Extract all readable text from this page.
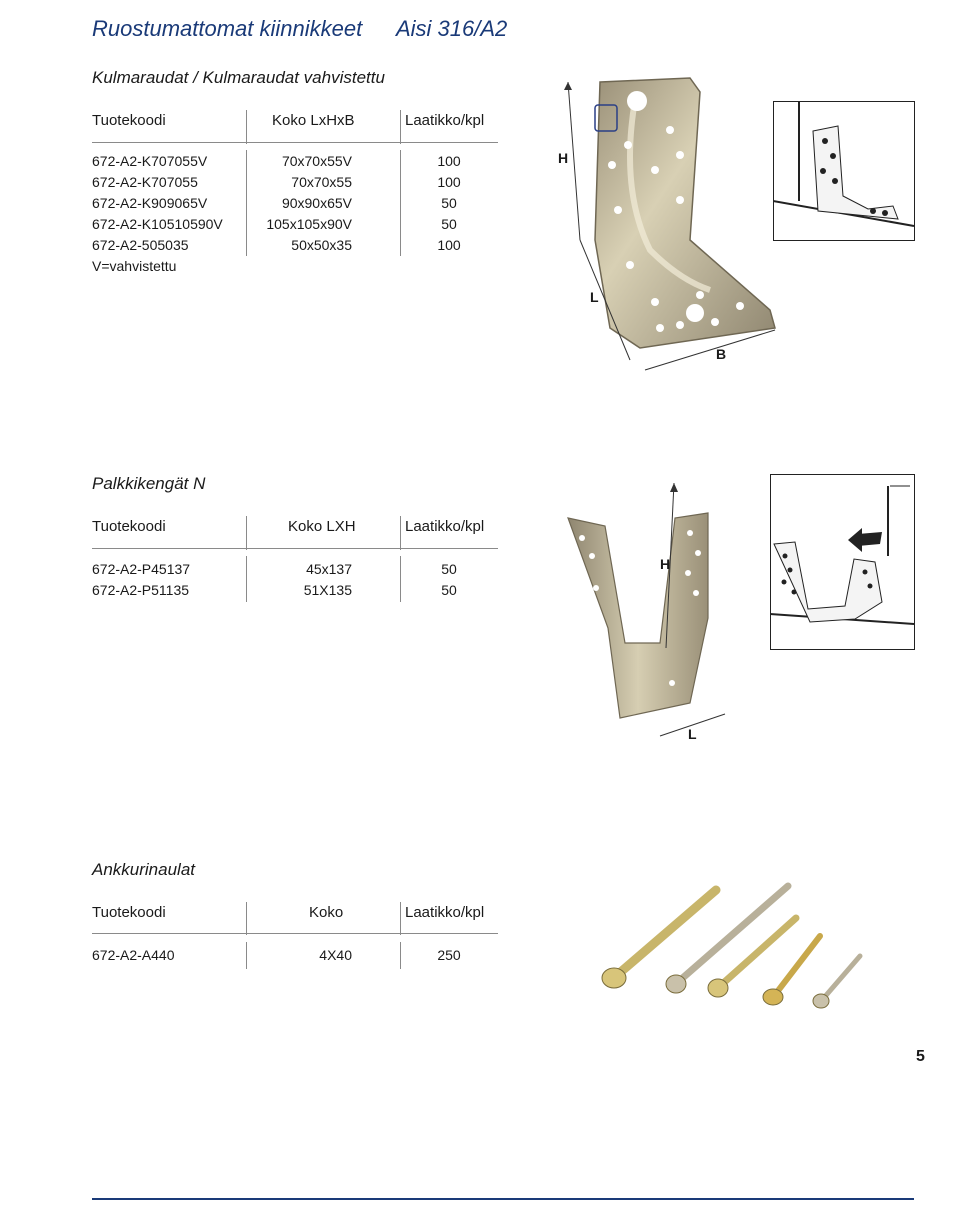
Ruostumattomat kiinnikkeet Aisi 316/A2
Kulmaraudat / Kulmaraudat vahvistettu
Tuotekoodi	Koko LxHxB	Laatikko/kpl
672-A2-K707055V	70x70x55V	100
672-A2-K707055	70x70x55	100
672-A2-K909065V	90x90x65V	50
672-A2-K10510590V	105x105x90V	50
672-A2-505035	50x50x35	100
V=vahvistettu
H
L
B
Palkkikengät N
Tuotekoodi	Koko LXH	Laatikko/kpl
672-A2-P45137	45x137	50
672-A2-P51135	51X135	50
H
L
Ankkurinaulat
Tuotekoodi	Koko	Laatikko/kpl
672-A2-A440	4X40	250
5
